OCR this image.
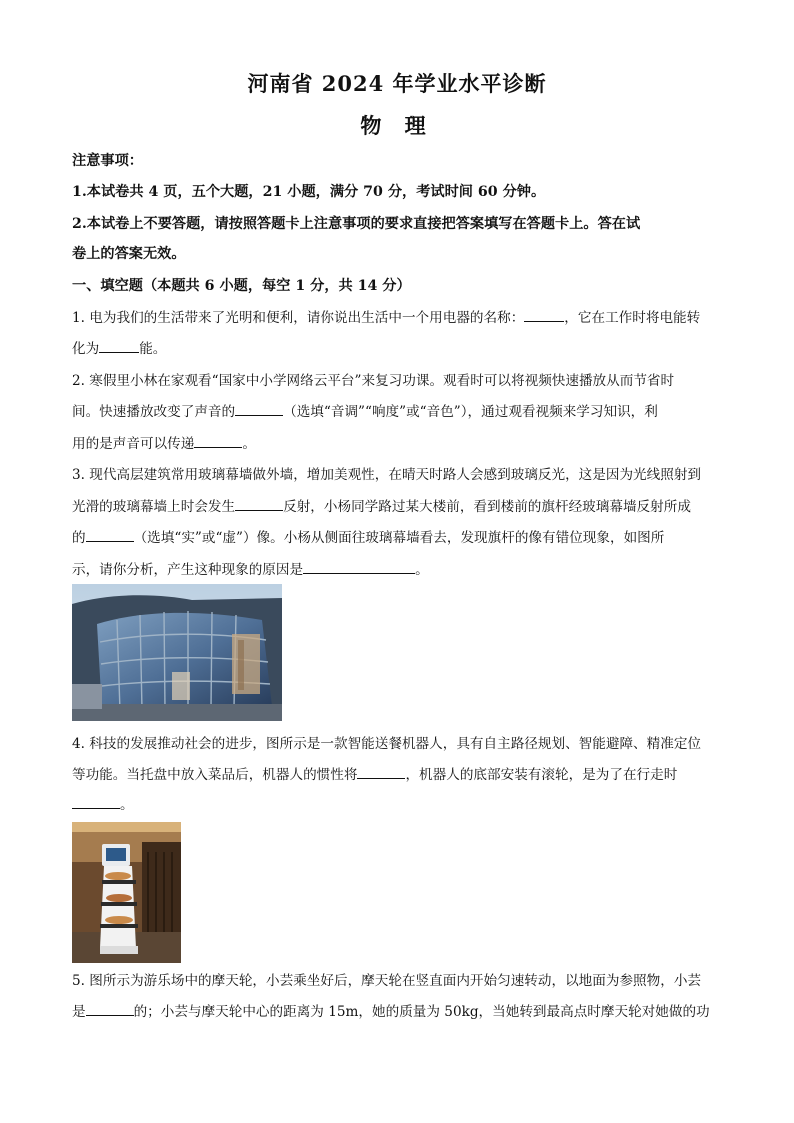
河南省 2024 年学业水平诊断
物 理
注意事项：
1.本试卷共 4 页，五个大题，21 小题，满分 70 分，考试时间 60 分钟。
2.本试卷上不要答题，请按照答题卡上注意事项的要求直接把答案填写在答题卡上。答在试
卷上的答案无效。
一、填空题（本题共 6 小题，每空 1 分，共 14 分）
1. 电为我们的生活带来了光明和便利，请你说出生活中一个用电器的名称：	，它在工作时将电能转
化为	能。
2. 寒假里小林在家观看“国家中小学网络云平台”来复习功课。观看时可以将视频快速播放从而节省时
间。快速播放改变了声音的	（选填“音调”“响度”或“音色”），通过观看视频来学习知识，利
用的是声音可以传递	。
3. 现代高层建筑常用玻璃幕墙做外墙，增加美观性，在晴天时路人会感到玻璃反光，这是因为光线照射到
光滑的玻璃幕墙上时会发生	反射，小杨同学路过某大楼前，看到楼前的旗杆经玻璃幕墙反射所成
的	（选填“实”或“虚”）像。小杨从侧面往玻璃幕墙看去，发现旗杆的像有错位现象，如图所
示，请你分析，产生这种现象的原因是	。
4. 科技的发展推动社会的进步，图所示是一款智能送餐机器人，具有自主路径规划、智能避障、精准定位
等功能。当托盘中放入菜品后，机器人的惯性将	，机器人的底部安装有滚轮，是为了在行走时
。
5. 图所示为游乐场中的摩天轮，小芸乘坐好后，摩天轮在竖直面内开始匀速转动，以地面为参照物，小芸
是	的；小芸与摩天轮中心的距离为 15m，她的质量为 50kg，当她转到最高点时摩天轮对她做的功
